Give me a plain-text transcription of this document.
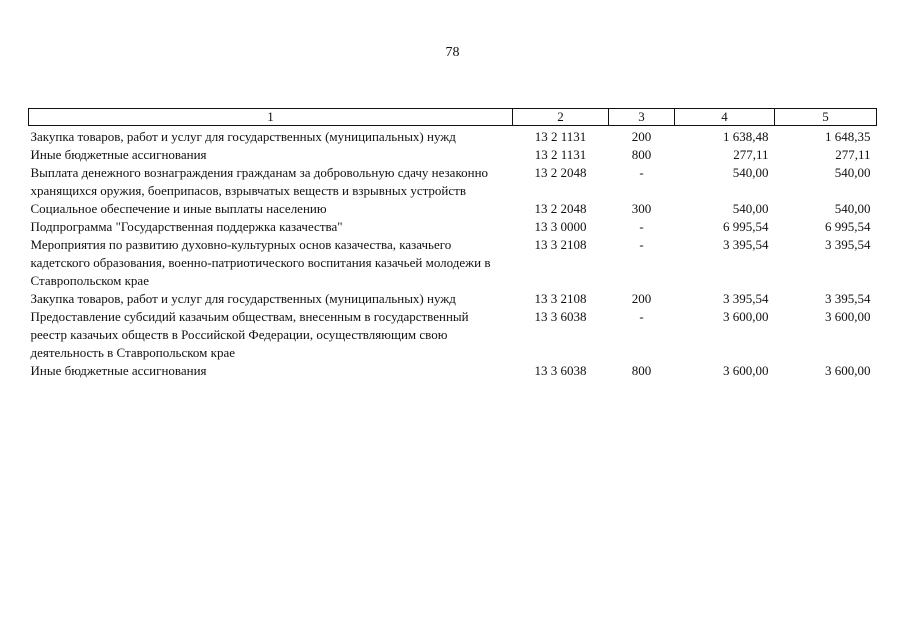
78
1	2	3	4	5
Закупка товаров, работ и услуг для государственных (муниципальных) нужд	13 2 1131	200	1 638,48	1 648,35
Иные бюджетные ассигнования	13 2 1131	800	277,11	277,11
Выплата денежного вознаграждения гражданам за добровольную сдачу незаконно хранящихся оружия, боеприпасов, взрывчатых веществ и взрывных устройств	13 2 2048	-	540,00	540,00
Социальное обеспечение и иные выплаты населению	13 2 2048	300	540,00	540,00
Подпрограмма "Государственная поддержка казачества"	13 3 0000	-	6 995,54	6 995,54
Мероприятия по развитию духовно-культурных основ казачества, казачьего кадетского образования, военно-патриотического воспитания казачьей молодежи в Ставропольском крае	13 3 2108	-	3 395,54	3 395,54
Закупка товаров, работ и услуг для государственных (муниципальных) нужд	13 3 2108	200	3 395,54	3 395,54
Предоставление субсидий казачьим обществам, внесенным в государственный реестр казачьих обществ в Российской Федерации, осуществляющим свою деятельность в Ставропольском крае	13 3 6038	-	3 600,00	3 600,00
Иные бюджетные ассигнования	13 3 6038	800	3 600,00	3 600,00
